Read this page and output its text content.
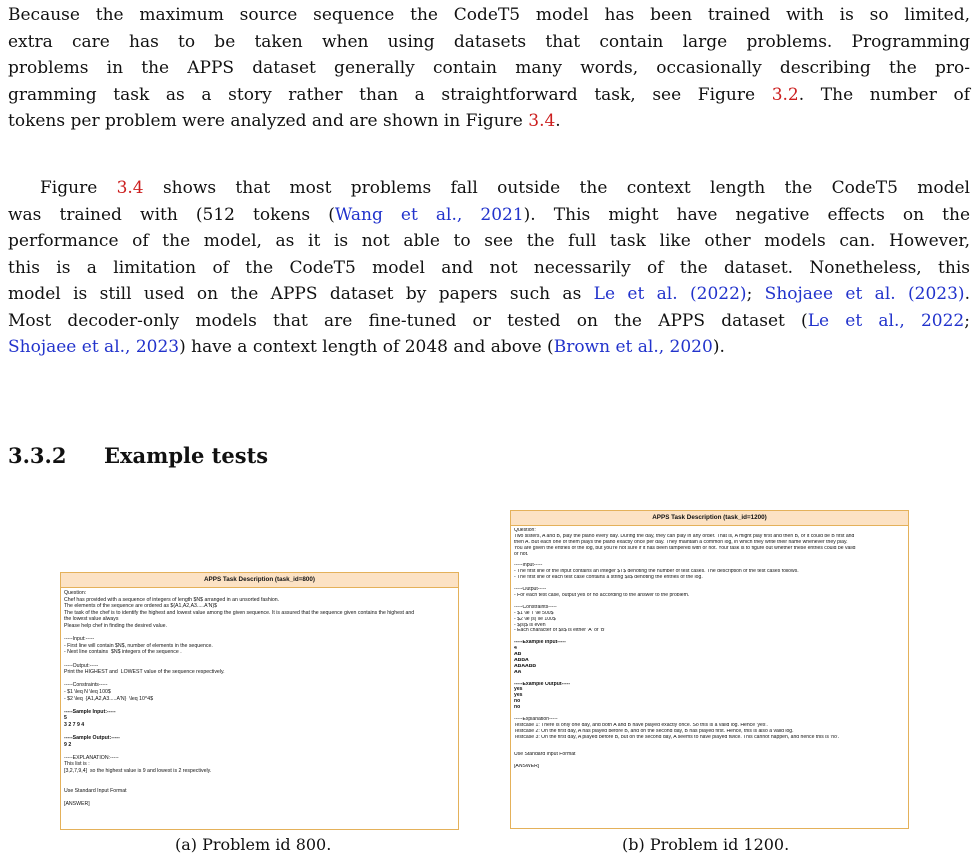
Because the maximum source sequence the CodeT5 model has been trained with is so limited,
extra care has to be taken when using datasets that contain large problems. Programming
problems in the APPS dataset generally contain many words, occasionally describing the pro-
gramming task as a story rather than a straightforward task, see Figure 3.2. The number of
tokens per problem were analyzed and are shown in Figure 3.4.
Figure 3.4 shows that most problems fall outside the context length the CodeT5 model
was trained with (512 tokens (Wang et al., 2021). This might have negative effects on the
performance of the model, as it is not able to see the full task like other models can. However,
this is a limitation of the CodeT5 model and not necessarily of the dataset. Nonetheless, this
model is still used on the APPS dataset by papers such as Le et al. (2022); Shojaee et al. (2023).
Most decoder-only models that are fine-tuned or tested on the APPS dataset (Le et al., 2022;
Shojaee et al., 2023) have a context length of 2048 and above (Brown et al., 2020).
3.3.2 Example tests
APPS Task Description (task_id=800)
Question:
Chef has provided with a sequence of integers of length $N$ arranged in an unsorted fashion.
The elements of the sequence are ordered as ${A1,A2,A3.....A'N}$
The task of the chef is to identify the highest and lowest value among the given sequence. It is assured that the sequence given contains the highest and
the lowest value always
Please help chef in finding the desired value.

-----Input:-----
- First line will contain $N$, number of elements in the sequence.
- Next line contains  $N$ integers of the sequence .

-----Output:-----
Print the HIGHEST and  LOWEST value of the sequence respectively.

-----Constraints-----
- $1 \leq N \leq 100$
- $2 \leq  {A1,A2,A3.....A'N}  \leq 10^4$

-----Sample Input:-----
5
3 2 7 9 4

-----Sample Output:-----
9 2

-----EXPLANATION:-----
This list is :
[3,2,7,9,4]  so the highest value is 9 and lowest is 2 respectively.

Use Standard Input Format

[ANSWER]
APPS Task Description (task_id=1200)
Question:
Two sisters, A and B, play the piano every day. During the day, they can play in any order. That is, A might play first and then B, or it could be B first and
then A. But each one of them plays the piano exactly once per day. They maintain a common log, in which they write their name whenever they play.
You are given the entries of the log, but you're not sure if it has been tampered with or not. Your task is to figure out whether these entries could be valid
or not.

-----Input-----
- The first line of the input contains an integer $T$ denoting the number of test cases. The description of the test cases follows.
- The first line of each test case contains a string $s$ denoting the entries of the log.

-----Output-----
- For each test case, output yes or no according to the answer to the problem.

-----Constraints-----
- $1 \le T \le 500$
- $2 \le |s| \le 100$
- $|s|$ is even
- Each character of $s$ is either 'A' or 'B'

-----Example Input-----
4
AB
ABBA
ABAABB
AA

-----Example Output-----
yes
yes
no
no

-----Explanation-----
Testcase 1: There is only one day, and both A and B have played exactly once. So this is a valid log. Hence 'yes'.
Testcase 2: On the first day, A has played before B, and on the second day, B has played first. Hence, this is also a valid log.
Testcase 3: On the first day, A played before B, but on the second day, A seems to have played twice. This cannot happen, and hence this is 'no'.

Use Standard Input Format

[ANSWER]

(a) Problem id 800.	(b) Problem id 1200.
